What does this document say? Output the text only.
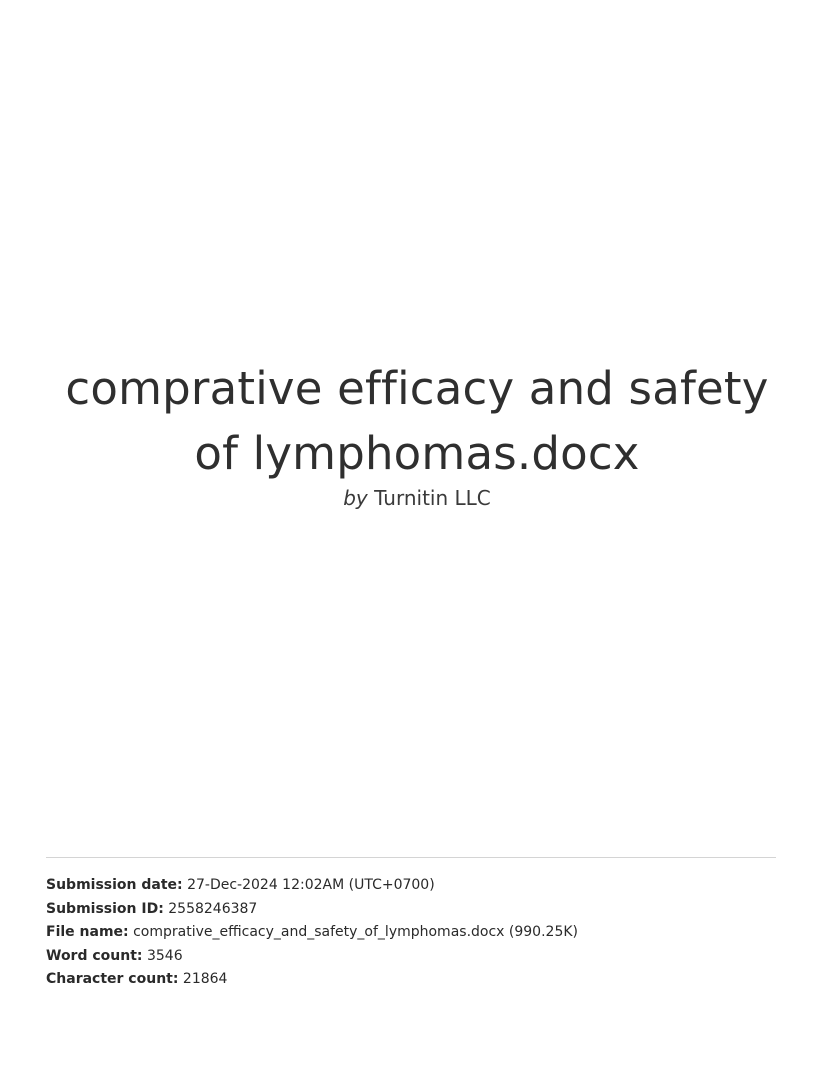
comprative efficacy and safety
of lymphomas.docx
by Turnitin LLC
Submission date: 27-Dec-2024 12:02AM (UTC+0700)
Submission ID: 2558246387
File name: comprative_efficacy_and_safety_of_lymphomas.docx (990.25K)
Word count: 3546
Character count: 21864
